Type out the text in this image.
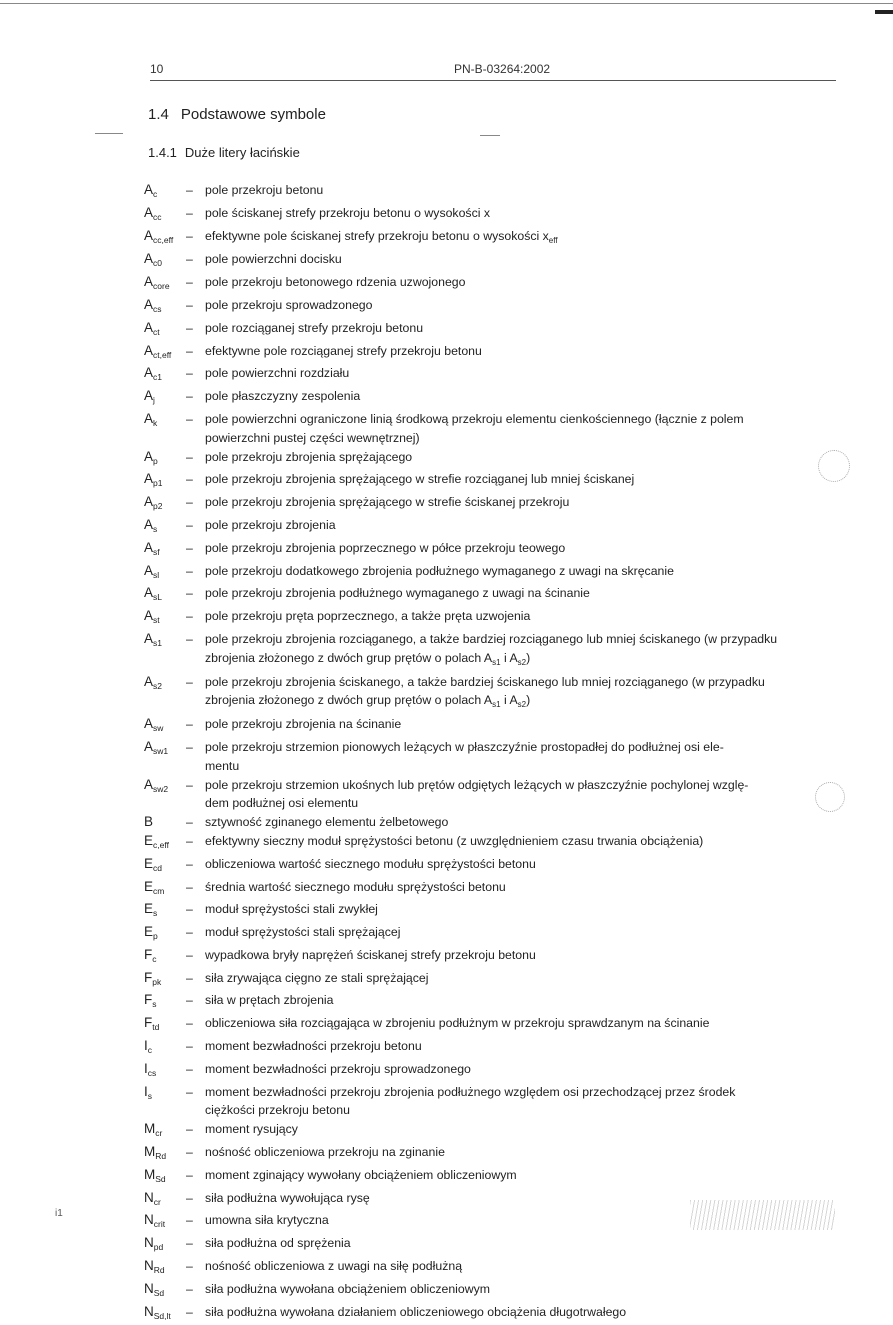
10	PN-B-03264:2002
1.4 Podstawowe symbole
1.4.1 Duże litery łacińskie
$A_c$	– pole przekroju betonu
$A_{cc}$	– pole ściskanej strefy przekroju betonu o wysokości x
$A_{cc,eff}$	– efektywne pole ściskanej strefy przekroju betonu o wysokości $x_{eff}$
$A_{c0}$	– pole powierzchni docisku
$A_{core}$	– pole przekroju betonowego rdzenia uzwojonego
$A_{cs}$	– pole przekroju sprowadzonego
$A_{ct}$	– pole rozciąganej strefy przekroju betonu
$A_{ct,eff}$	– efektywne pole rozciąganej strefy przekroju betonu
$A_{c1}$	– pole powierzchni rozdziału
$A_j$	– pole płaszczyzny zespolenia
$A_k$	– pole powierzchni ograniczone linią środkową przekroju elementu cienkościennego (łącznie z polem
powierzchni pustej części wewnętrznej)
$A_p$	– pole przekroju zbrojenia sprężającego
$A_{p1}$	– pole przekroju zbrojenia sprężającego w strefie rozciąganej lub mniej ściskanej
$A_{p2}$	– pole przekroju zbrojenia sprężającego w strefie ściskanej przekroju
$A_s$	– pole przekroju zbrojenia
$A_{sf}$	– pole przekroju zbrojenia poprzecznego w półce przekroju teowego
$A_{sl}$	– pole przekroju dodatkowego zbrojenia podłużnego wymaganego z uwagi na skręcanie
$A_{sL}$	– pole przekroju zbrojenia podłużnego wymaganego z uwagi na ścinanie
$A_{st}$	– pole przekroju pręta poprzecznego, a także pręta uzwojenia
$A_{s1}$	– pole przekroju zbrojenia rozciąganego, a także bardziej rozciąganego lub mniej ściskanego (w przypadku
zbrojenia złożonego z dwóch grup prętów o polach $A_{s1}$ i $A_{s2}$)
$A_{s2}$	– pole przekroju zbrojenia ściskanego, a także bardziej ściskanego lub mniej rozciąganego (w przypadku
zbrojenia złożonego z dwóch grup prętów o polach $A_{s1}$ i $A_{s2}$)
$A_{sw}$	– pole przekroju zbrojenia na ścinanie
$A_{sw1}$	– pole przekroju strzemion pionowych leżących w płaszczyźnie prostopadłej do podłużnej osi ele-
mentu
$A_{sw2}$	– pole przekroju strzemion ukośnych lub prętów odgiętych leżących w płaszczyźnie pochylonej wzglę-
dem podłużnej osi elementu
B	– sztywność zginanego elementu żelbetowego
$E_{c,eff}$	– efektywny sieczny moduł sprężystości betonu (z uwzględnieniem czasu trwania obciążenia)
$E_{cd}$	– obliczeniowa wartość siecznego modułu sprężystości betonu
$E_{cm}$	– średnia wartość siecznego modułu sprężystości betonu
$E_s$	– moduł sprężystości stali zwykłej
$E_p$	– moduł sprężystości stali sprężającej
$F_c$	– wypadkowa bryły naprężeń ściskanej strefy przekroju betonu
$F_{pk}$	– siła zrywająca cięgno ze stali sprężającej
$F_s$	– siła w prętach zbrojenia
$F_{td}$	– obliczeniowa siła rozciągająca w zbrojeniu podłużnym w przekroju sprawdzanym na ścinanie
$I_c$	– moment bezwładności przekroju betonu
$I_{cs}$	– moment bezwładności przekroju sprowadzonego
$I_s$	– moment bezwładności przekroju zbrojenia podłużnego względem osi przechodzącej przez środek
ciężkości przekroju betonu
$M_{cr}$	– moment rysujący
$M_{Rd}$	– nośność obliczeniowa przekroju na zginanie
$M_{Sd}$	– moment zginający wywołany obciążeniem obliczeniowym
$N_{cr}$	– siła podłużna wywołująca rysę
$N_{crit}$	– umowna siła krytyczna
$N_{pd}$	– siła podłużna od sprężenia
$N_{Rd}$	– nośność obliczeniowa z uwagi na siłę podłużną
$N_{Sd}$	– siła podłużna wywołana obciążeniem obliczeniowym
$N_{Sd,lt}$	– siła podłużna wywołana działaniem obliczeniowego obciążenia długotrwałego
i1
